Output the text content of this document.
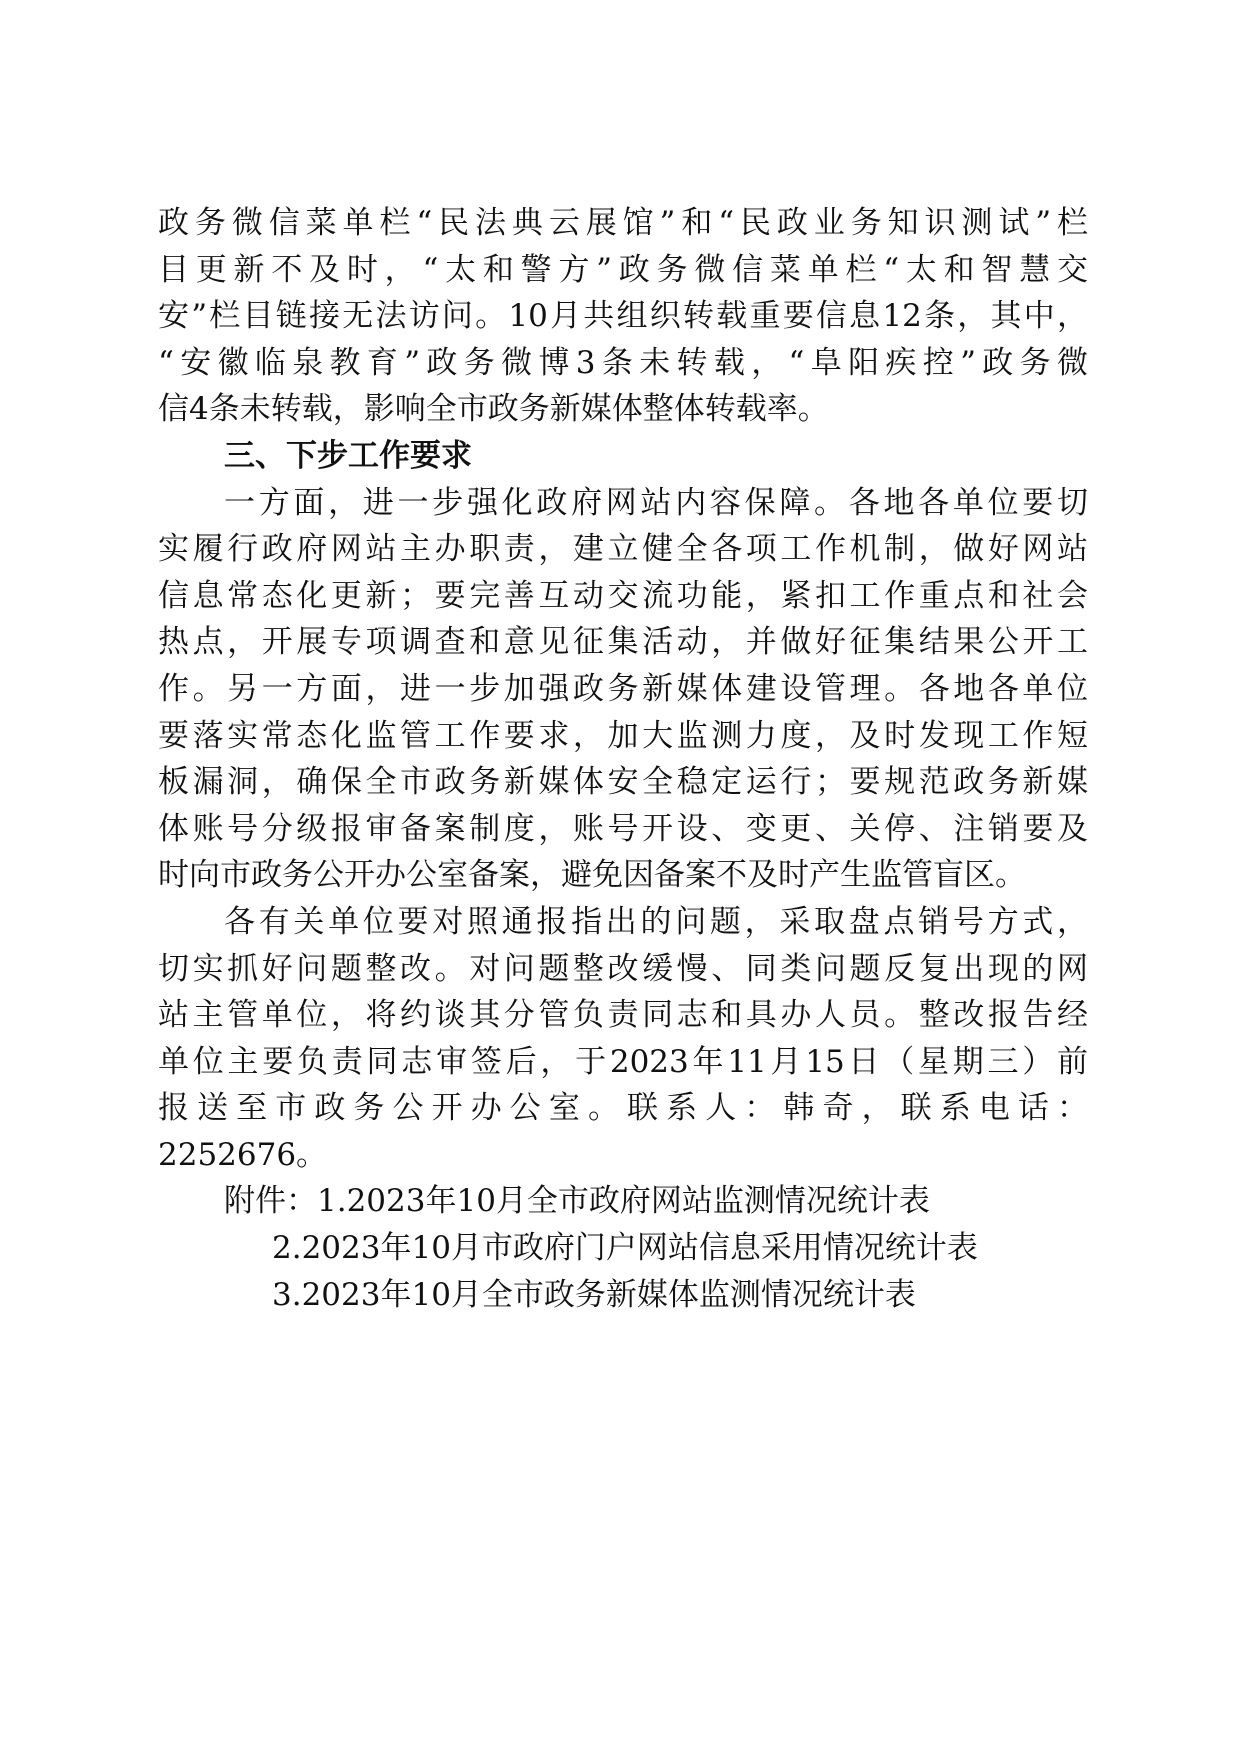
政务微信菜单栏“民法典云展馆”和“民政业务知识测试”栏
目更新不及时，“太和警方”政务微信菜单栏“太和智慧交
安”栏目链接无法访问。10月共组织转载重要信息12条，其中，
“安徽临泉教育”政务微博3条未转载，“阜阳疾控”政务微
信4条未转载，影响全市政务新媒体整体转载率。
三、下步工作要求
一方面，进一步强化政府网站内容保障。各地各单位要切
实履行政府网站主办职责，建立健全各项工作机制，做好网站
信息常态化更新；要完善互动交流功能，紧扣工作重点和社会
热点，开展专项调查和意见征集活动，并做好征集结果公开工
作。另一方面，进一步加强政务新媒体建设管理。各地各单位
要落实常态化监管工作要求，加大监测力度，及时发现工作短
板漏洞，确保全市政务新媒体安全稳定运行；要规范政务新媒
体账号分级报审备案制度，账号开设、变更、关停、注销要及
时向市政务公开办公室备案，避免因备案不及时产生监管盲区。
各有关单位要对照通报指出的问题，采取盘点销号方式，
切实抓好问题整改。对问题整改缓慢、同类问题反复出现的网
站主管单位，将约谈其分管负责同志和具办人员。整改报告经
单位主要负责同志审签后，于2023年11月15日（星期三）前
报送至市政务公开办公室。联系人：韩奇，联系电话：
2252676。
附件：1.2023年10月全市政府网站监测情况统计表
2.2023年10月市政府门户网站信息采用情况统计表
3.2023年10月全市政务新媒体监测情况统计表
